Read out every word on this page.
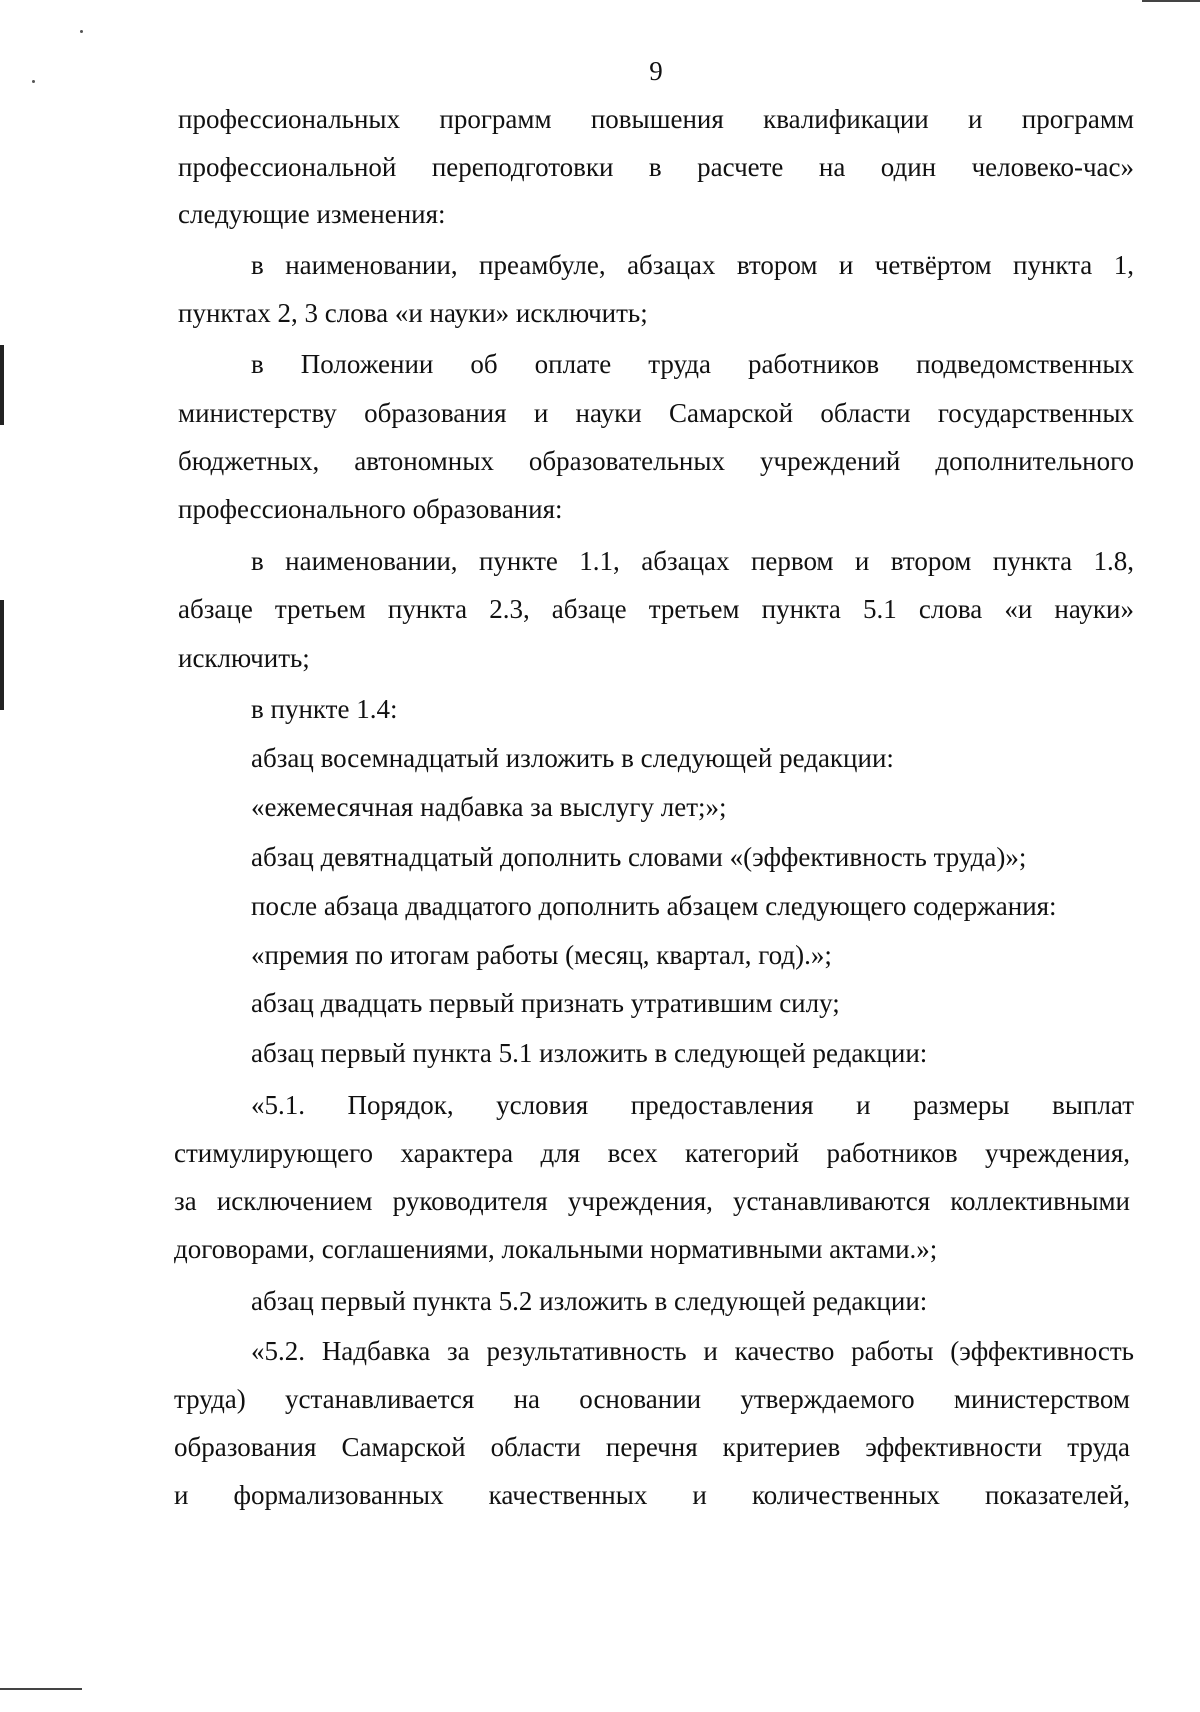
9
профессиональных программ повышения квалификации и программ
профессиональной переподготовки в расчете на один человеко-час»
следующие изменения:
в наименовании, преамбуле, абзацах втором и четвёртом пункта 1,
пунктах 2, 3 слова «и науки» исключить;
в Положении об оплате труда работников подведомственных
министерству образования и науки Самарской области государственных
бюджетных, автономных образовательных учреждений дополнительного
профессионального образования:
в наименовании, пункте 1.1, абзацах первом и втором пункта 1.8,
абзаце третьем пункта 2.3, абзаце третьем пункта 5.1 слова «и науки»
исключить;
в пункте 1.4:
абзац восемнадцатый изложить в следующей редакции:
«ежемесячная надбавка за выслугу лет;»;
абзац девятнадцатый дополнить словами «(эффективность труда)»;
после абзаца двадцатого дополнить абзацем следующего содержания:
«премия по итогам работы (месяц, квартал, год).»;
абзац двадцать первый признать утратившим силу;
абзац первый пункта 5.1 изложить в следующей редакции:
«5.1. Порядок, условия предоставления и размеры выплат
стимулирующего характера для всех категорий работников учреждения,
за исключением руководителя учреждения, устанавливаются коллективными
договорами, соглашениями, локальными нормативными актами.»;
абзац первый пункта 5.2 изложить в следующей редакции:
«5.2. Надбавка за результативность и качество работы (эффективность
труда) устанавливается на основании утверждаемого министерством
образования Самарской области перечня критериев эффективности труда
и формализованных качественных и количественных показателей,
